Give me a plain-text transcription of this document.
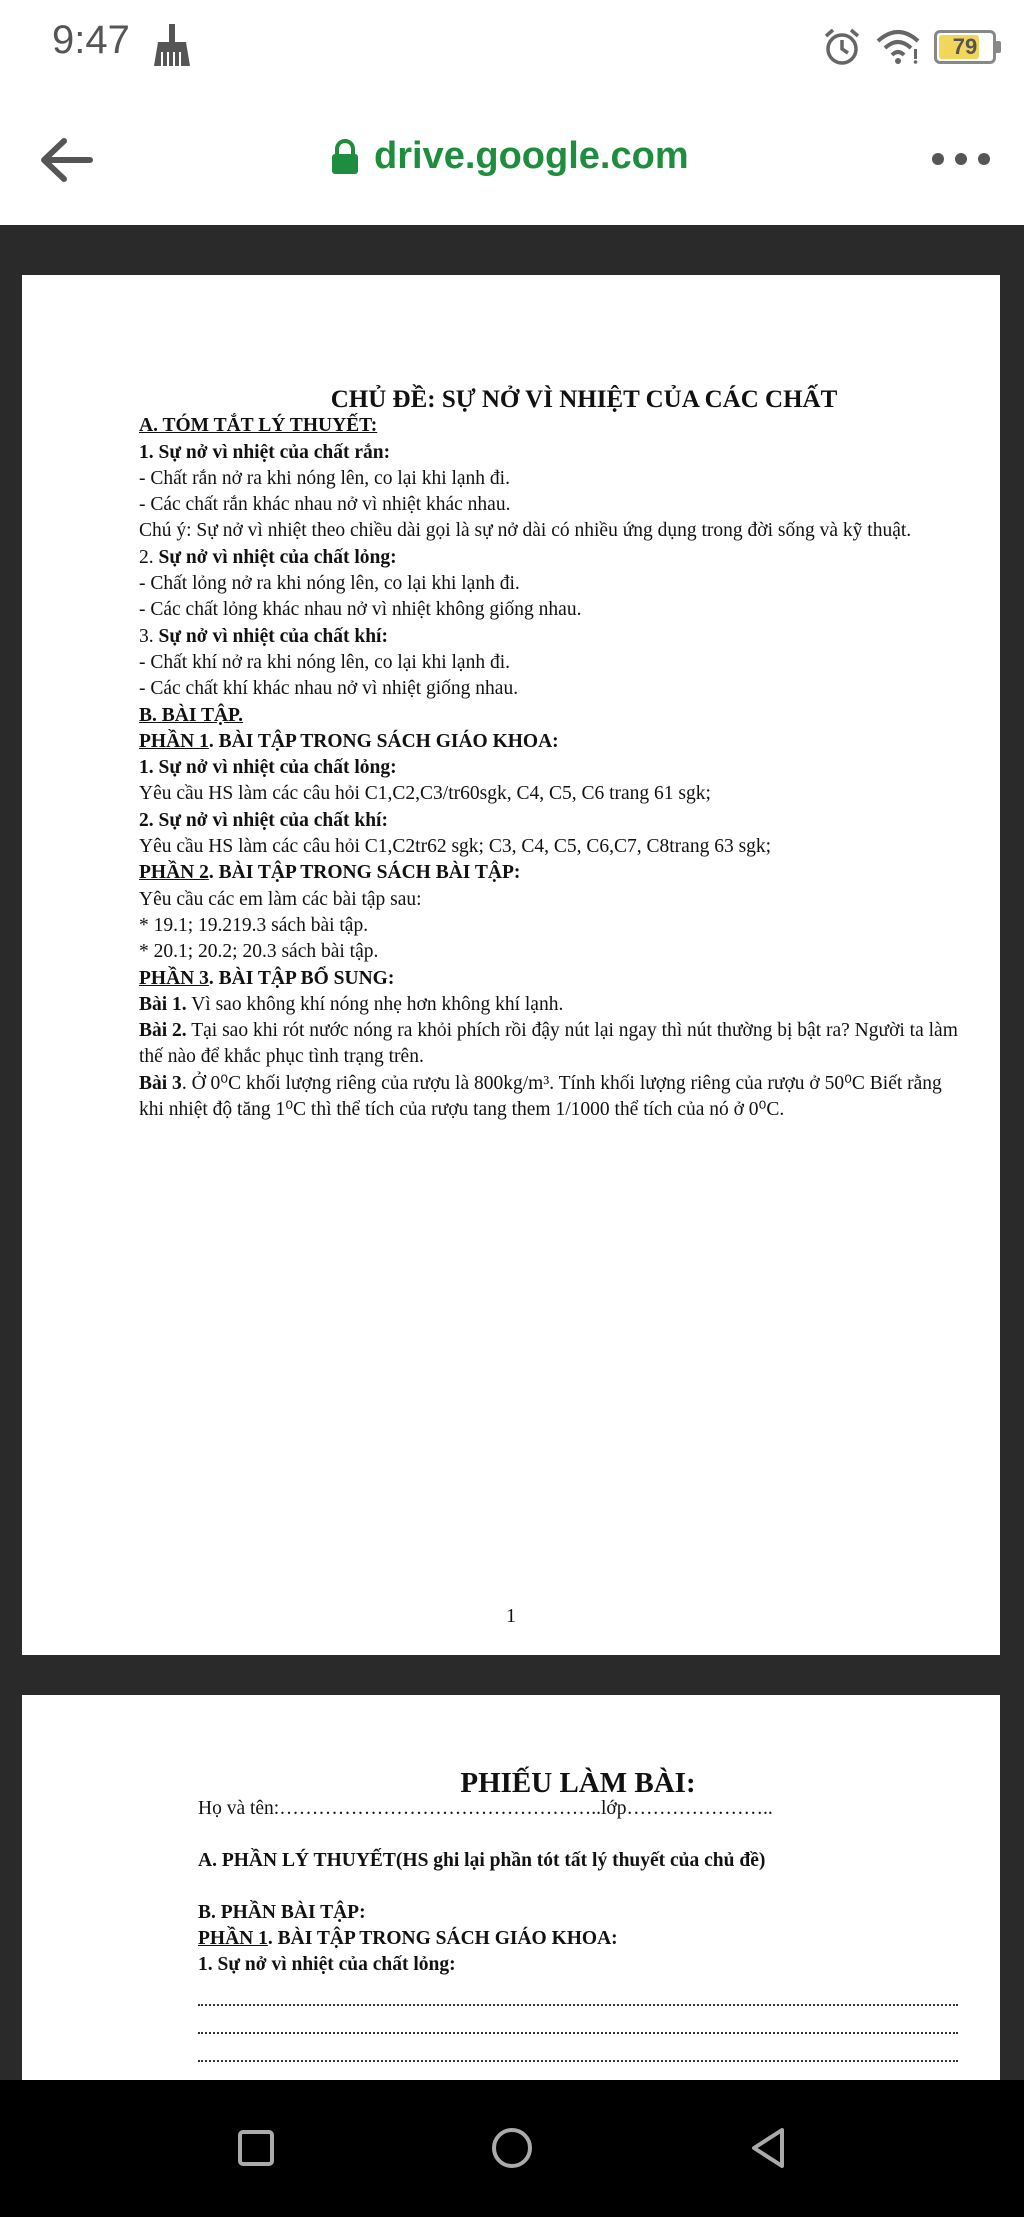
9:47	79
drive.google.com

CHỦ ĐỀ: SỰ NỞ VÌ NHIỆT CỦA CÁC CHẤT

A. TÓM TẮT LÝ THUYẾT:

1. Sự nở vì nhiệt của chất rắn:

- Chất rắn nở ra khi nóng lên, co lại khi lạnh đi.

- Các chất rắn khác nhau nở vì nhiệt khác nhau.

Chú ý: Sự nở vì nhiệt theo chiều dài gọi là sự nở dài có nhiều ứng dụng trong đời sống và kỹ thuật.

2. Sự nở vì nhiệt của chất lỏng:

- Chất lỏng nở ra khi nóng lên, co lại khi lạnh đi.

- Các chất lỏng khác nhau nở vì nhiệt không giống nhau.

3. Sự nở vì nhiệt của chất khí:

- Chất khí nở ra khi nóng lên, co lại khi lạnh đi.

- Các chất khí khác nhau nở vì nhiệt giống nhau.

B. BÀI TẬP.

PHẦN 1. BÀI TẬP TRONG SÁCH GIÁO KHOA:

1. Sự nở vì nhiệt của chất lỏng:

Yêu cầu HS làm các câu hỏi C1,C2,C3/tr60sgk, C4, C5, C6 trang 61 sgk;

2. Sự nở vì nhiệt của chất khí:

Yêu cầu HS làm các câu hỏi C1,C2tr62 sgk; C3, C4, C5, C6,C7, C8trang 63 sgk;

PHẦN 2. BÀI TẬP TRONG SÁCH BÀI TẬP:

Yêu cầu các em làm các bài tập sau:

* 19.1; 19.219.3 sách bài tập.

* 20.1; 20.2; 20.3 sách bài tập.

PHẦN 3. BÀI TẬP BỔ SUNG:

Bài 1. Vì sao không khí nóng nhẹ hơn không khí lạnh.

Bài 2. Tại sao khi rót nước nóng ra khỏi phích rồi đậy nút lại ngay thì nút thường bị bật ra? Người ta làm thế nào để khắc phục tình trạng trên.

Bài 3. Ở 0⁰C khối lượng riêng của rượu là 800kg/m³. Tính khối lượng riêng của rượu ở 50⁰C Biết rằng khi nhiệt độ tăng 1⁰C thì thể tích của rượu tang them 1/1000 thể tích của nó ở 0⁰C.

1

PHIẾU LÀM BÀI:

Họ và tên:…………………………………………..lớp…………………..

A. PHẦN LÝ THUYẾT(HS ghi lại phần tót tất lý thuyết của chủ đề)

B. PHẦN BÀI TẬP:

PHẦN 1. BÀI TẬP TRONG SÁCH GIÁO KHOA:

1. Sự nở vì nhiệt của chất lỏng:
